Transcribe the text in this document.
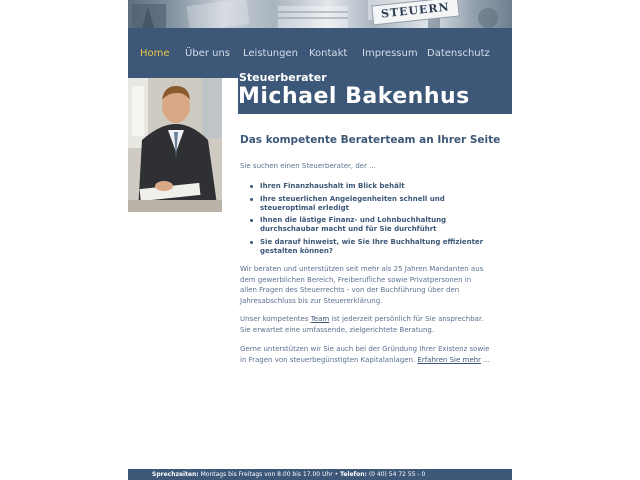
STEUERN
Home Über uns Leistungen Kontakt Impressum Datenschutz
Steuerberater
Michael Bakenhus
Das kompetente Beraterteam an Ihrer Seite
Sie suchen einen Steuerberater, der ...
Ihren Finanzhaushalt im Blick behält
Ihre steuerlichen Angelegenheiten schnell und steueroptimal erledigt
Ihnen die lästige Finanz- und Lohnbuchhaltung durchschaubar macht und für Sie durchführt
Sie darauf hinweist, wie Sie Ihre Buchhaltung effizienter gestalten können?
Wir beraten und unterstützen seit mehr als 25 Jahren Mandanten aus dem gewerblichen Bereich, Freiberufliche sowie Privatpersonen in allen Fragen des Steuerrechts - von der Buchführung über den Jahresabschluss bis zur Steuererklärung.
Unser kompetentes Team ist jederzeit persönlich für Sie ansprechbar. Sie erwartet eine umfassende, zielgerichtete Beratung.
Gerne unterstützen wir Sie auch bei der Gründung Ihrer Existenz sowie in Fragen von steuerbegünstigten Kapitalanlagen. Erfahren Sie mehr ...
Sprechzeiten: Montags bis Freitags von 8.00 bis 17.00 Uhr • Telefon: (0 40) 54 72 55 - 0
